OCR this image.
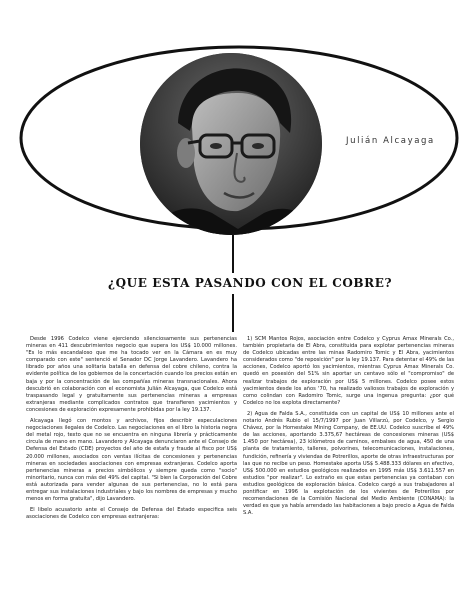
Julián Alcayaga

¿QUE ESTA PASANDO CON EL COBRE?

Desde 1996 Codelco viene ejerciendo silenciosamente sus pertenencias mineras en 411 descubrimientos negocio que supera los US$ 10.000 millones. "Es lo más escandaloso que me ha tocado ver en la Cámara en es muy comparado con este" sentenció el Senador DC Jorge Lavandero. Lavandero ha librado por años una solitaria batalla en defensa del cobre chileno, contra la evidente política de los gobiernos de la concertación cuando los precios están en baja y por la concentración de las compañías mineras transnacionales. Ahora descubrió en colaboración con el economista Julián Alcayaga, que Codelco está traspasando legal y gratuitamente sus pertenencias mineras a empresas extranjeras mediante complicados contratos que transfieren yacimientos y concesiones de exploración expresamente prohibidas por la ley 19.137.

Alcayaga llegó con montos y archivos, fijos describir especulaciones negociaciones ilegales de Codelco. Las negociaciones en el libro la historia negra del metal rojo, texto que no se encuentra en ninguna librería y prácticamente circula de mano en mano. Lavandero y Alcayaga denunciaron ante el Consejo de Defensa del Estado (CDE) proyectos del año de estafa y fraude al fisco por US$ 20.000 millones, asociados con ventas ilícitas de concesiones y pertenencias mineras en sociedades asociaciones con empresas extranjeras. Codelco aporta pertenencias mineras a precios simbólicos y siempre queda como "socio" minoritario, nunca con más del 49% del capital. "Si bien la Corporación del Cobre está autorizada para vender algunas de sus pertenencias, no lo está para entregar sus instalaciones industriales y bajo los nombres de empresas y mucho menos en forma gratuita", dijo Lavandero.

El libelo acusatorio ante el Consejo de Defensa del Estado especifica seis asociaciones de Codelco con empresas extranjeras:

1) SCM Mantos Rojos, asociación entre Codelco y Cyprus Amax Minerals Co., también propietaria de El Abra, constituida para explotar pertenencias mineras de Codelco ubicadas entre las minas Radomiro Tomic y El Abra, yacimientos considerados como "de reposición" por la ley 19.137. Para detentar el 49% de las acciones, Codelco aportó los yacimientos, mientras Cyprus Amax Minerals Co. quedó en posesión del 51% sin aportar un centavo sólo el "compromiso" de realizar trabajos de exploración por US$ 5 millones. Codelco posee estos yacimientos desde los años '70, ha realizado valiosos trabajos de exploración y como colindan con Radomiro Tomic, surge una ingenua pregunta: ¿por qué Codelco no los explota directamente?

2) Agua de Falda S.A., constituida con un capital de US$ 10 millones ante el notario Andrés Rubio el 15/7/1997 por Juan Villarzú, por Codelco, y Sergio Chávez, por la Homestake Mining Company, de EE.UU. Codelco suscribe el 49% de las acciones, aportando 3.375,67 hectáreas de concesiones mineras (US$ 1.450 por hectárea), 23 kilómetros de caminos, embalses de agua, 450 de una planta de tratamiento, talleres, polvorines, telecomunicaciones, instalaciones, fundición, refinería y viviendas de Potrerillos, aporte de otras infraestructuras por las que no recibe un peso. Homestake aporta US$ 5.488.333 dólares en efectivo, US$ 500.000 en estudios geológicos realizados en 1995 más US$ 3.611.557 en estudios "por realizar". Lo extraño es que estas pertenencias ya contaban con estudios geológicos de exploración básica. Codelco cargó a sus trabajadores al pontificar en 1996 la explotación de los vivientes de Potrerillos por recomendaciones de la Comisión Nacional del Medio Ambiente (CONAMA): la verdad es que ya había arrendado las habitaciones a bajo precio a Agua de Falda S.A.
